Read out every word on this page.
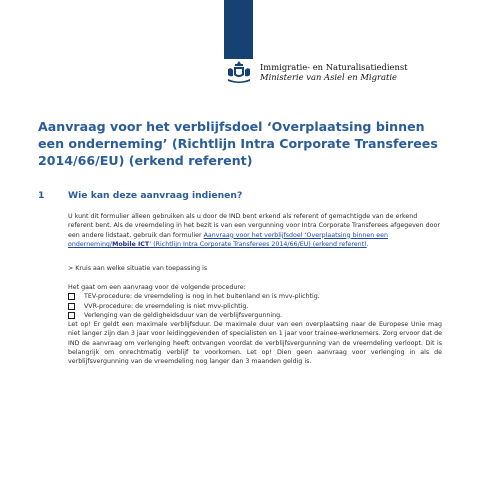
Immigratie- en Naturalisatiedienst
Ministerie van Asiel en Migratie
Aanvraag voor het verblijfsdoel ‘Overplaatsing binnen een onderneming’ (Richtlijn Intra Corporate Transferees 2014/66/EU) (erkend referent)
1	Wie kan deze aanvraag indienen?
U kunt dit formulier alleen gebruiken als u door de IND bent erkend als referent of gemachtigde van de erkend referent bent. Als de vreemdeling in het bezit is van een vergunning voor Intra Corporate Transferees afgegeven door een andere lidstaat, gebruik dan formulier Aanvraag voor het verblijfsdoel ‘Overplaatsing binnen een onderneming/Mobile ICT’ (Richtlijn Intra Corporate Transferees 2014/66/EU) (erkend referent).
> Kruis aan welke situatie van toepassing is
Het gaat om een aanvraag voor de volgende procedure:
TEV-procedure: de vreemdeling is nog in het buitenland en is mvv-plichtig.
VVR-procedure: de vreemdeling is niet mvv-plichtig.
Verlenging van de geldigheidsduur van de verblijfsvergunning.
Let op! Er geldt een maximale verblijfsduur. De maximale duur van een overplaatsing naar de Europese Unie mag niet langer zijn dan 3 jaar voor leidinggevenden of specialisten en 1 jaar voor trainee-werknemers. Zorg ervoor dat de IND de aanvraag om verlenging heeft ontvangen voordat de verblijfsvergunning van de vreemdeling verloopt. Dit is belangrijk om onrechtmatig verblijf te voorkomen. Let op! Dien geen aanvraag voor verlenging in als de verblijfsvergunning van de vreemdeling nog langer dan 3 maanden geldig is.
